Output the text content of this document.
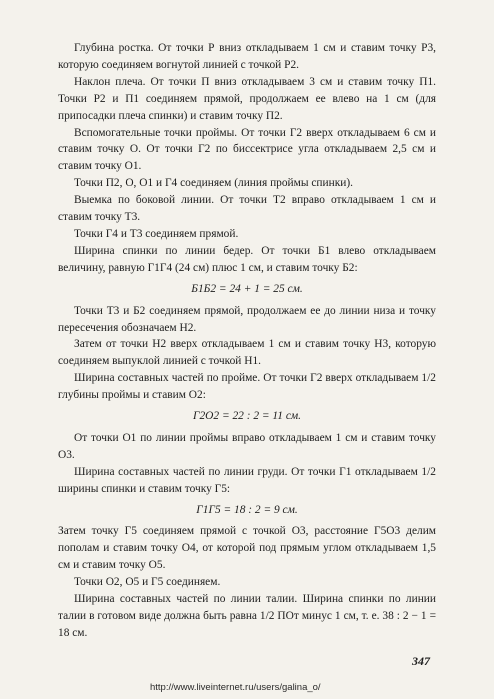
Глубина ростка. От точки Р вниз откладываем 1 см и ставим точку Р3, которую соединяем вогнутой линией с точкой Р2.

Наклон плеча. От точки П вниз откладываем 3 см и ставим точку П1. Точки Р2 и П1 соединяем прямой, продолжаем ее влево на 1 см (для припосадки плеча спинки) и ставим точку П2.

Вспомогательные точки проймы. От точки Г2 вверх откладываем 6 см и ставим точку О. От точки Г2 по биссектрисе угла откладываем 2,5 см и ставим точку О1.

Точки П2, О, О1 и Г4 соединяем (линия проймы спинки).

Выемка по боковой линии. От точки Т2 вправо откладываем 1 см и ставим точку Т3.

Точки Г4 и Т3 соединяем прямой.

Ширина спинки по линии бедер. От точки Б1 влево откладываем величину, равную Г1Г4 (24 см) плюс 1 см, и ставим точку Б2:

Б1Б2 = 24 + 1 = 25 см.

Точки Т3 и Б2 соединяем прямой, продолжаем ее до линии низа и точку пересечения обозначаем Н2.

Затем от точки Н2 вверх откладываем 1 см и ставим точку Н3, которую соединяем выпуклой линией с точкой Н1.

Ширина составных частей по пройме. От точки Г2 вверх откладываем 1/2 глубины проймы и ставим О2:

Г2О2 = 22 : 2 = 11 см.

От точки О1 по линии проймы вправо откладываем 1 см и ставим точку О3.

Ширина составных частей по линии груди. От точки Г1 откладываем 1/2 ширины спинки и ставим точку Г5:

Г1Г5 = 18 : 2 = 9 см.

Затем точку Г5 соединяем прямой с точкой О3, расстояние Г5О3 делим пополам и ставим точку О4, от которой под прямым углом откладываем 1,5 см и ставим точку О5.

Точки О2, О5 и Г5 соединяем.

Ширина составных частей по линии талии. Ширина спинки по линии талии в готовом виде должна быть равна 1/2 ПОт минус 1 см, т. е. 38 : 2 − 1 = 18 см.

347
http://www.liveinternet.ru/users/galina_o/
